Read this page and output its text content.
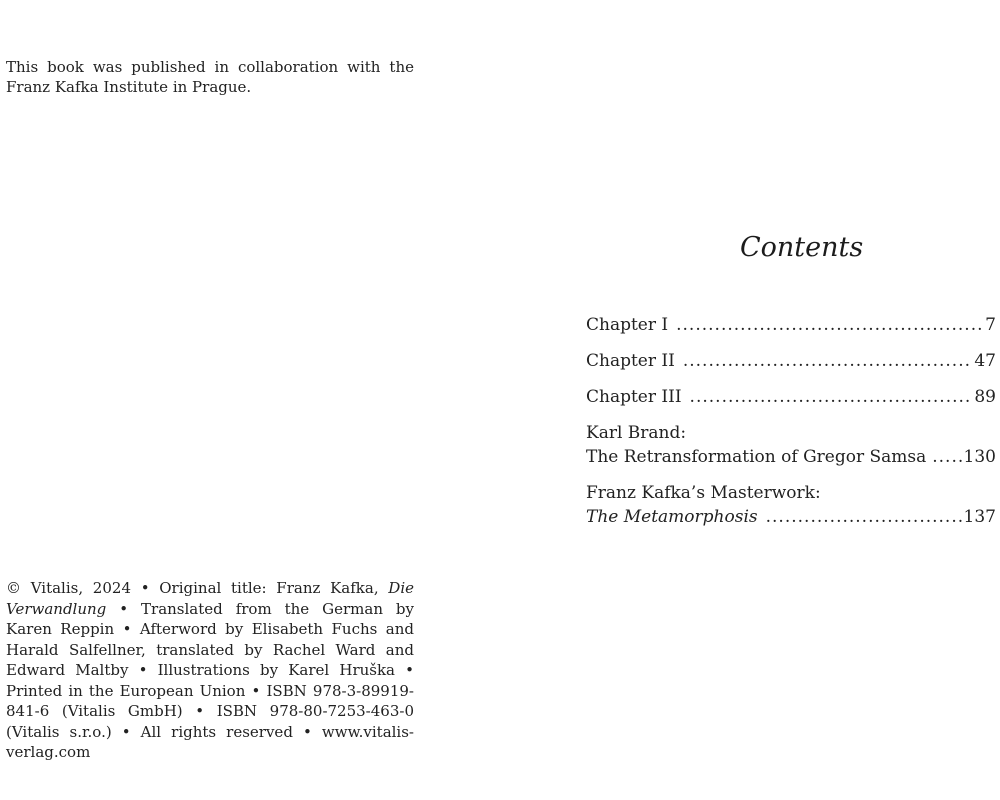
This book was published in collaboration with the Franz Kafka Institute in Prague.

© Vitalis, 2024 • Original title: Franz Kafka, Die Verwandlung • Translated from the German by Karen Reppin • Afterword by Elisabeth Fuchs and Harald Salfellner, translated by Rachel Ward and Edward Maltby • Illustrations by Karel Hruška • Printed in the European Union • ISBN 978-3-89919-841-6 (Vitalis GmbH) • ISBN 978-80-7253-463-0 (Vitalis s.r.o.) • All rights reserved • www.vitalis-verlag.com

Contents
Chapter I .....	7
Chapter II .....	47
Chapter III .....	89
Karl Brand:
The Retransformation of Gregor Samsa ..... 130
Franz Kafka’s Masterwork:
The Metamorphosis .....	137
